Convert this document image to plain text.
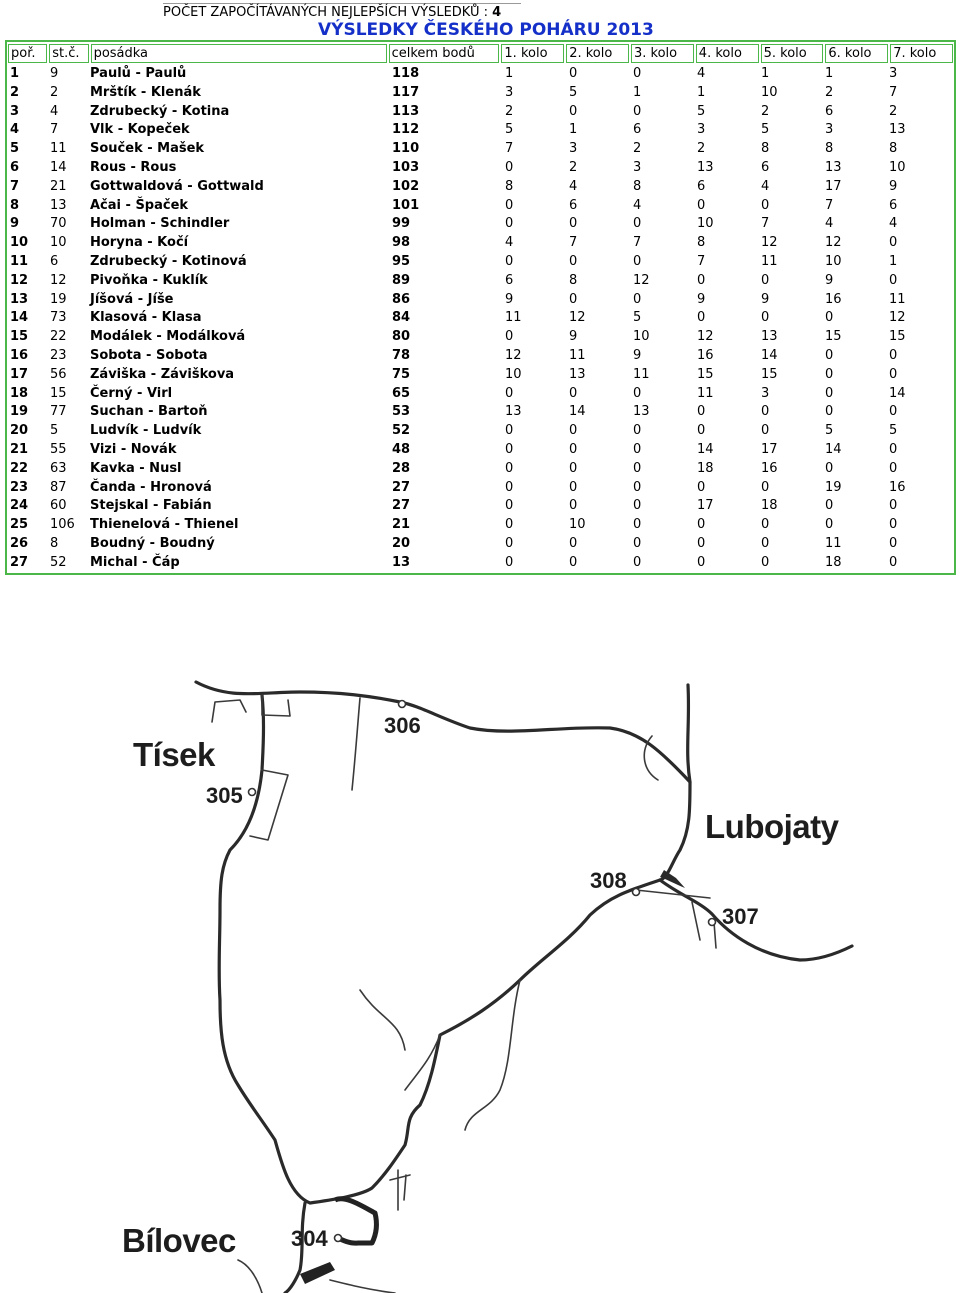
POČET ZAPOČÍTÁVANÝCH NEJLEPŠÍCH VÝSLEDKŮ : 4
VÝSLEDKY ČESKÉHO POHÁRU 2013
poř.	st.č.	posádka	celkem bodů	1. kolo	2. kolo	3. kolo	4. kolo	5. kolo	6. kolo	7. kolo
1	9	Paulů - Paulů	118	1	0	0	4	1	1	3
2	2	Mrštík - Klenák	117	3	5	1	1	10	2	7
3	4	Zdrubecký - Kotina	113	2	0	0	5	2	6	2
4	7	Vlk - Kopeček	112	5	1	6	3	5	3	13
5	11	Souček - Mašek	110	7	3	2	2	8	8	8
6	14	Rous - Rous	103	0	2	3	13	6	13	10
7	21	Gottwaldová - Gottwald	102	8	4	8	6	4	17	9
8	13	Ačai - Špaček	101	0	6	4	0	0	7	6
9	70	Holman - Schindler	99	0	0	0	10	7	4	4
10	10	Horyna - Kočí	98	4	7	7	8	12	12	0
11	6	Zdrubecký - Kotinová	95	0	0	0	7	11	10	1
12	12	Pivoňka - Kuklík	89	6	8	12	0	0	9	0
13	19	Jíšová - Jíše	86	9	0	0	9	9	16	11
14	73	Klasová - Klasa	84	11	12	5	0	0	0	12
15	22	Modálek - Modálková	80	0	9	10	12	13	15	15
16	23	Sobota - Sobota	78	12	11	9	16	14	0	0
17	56	Záviška - Záviškova	75	10	13	11	15	15	0	0
18	15	Černý - Virl	65	0	0	0	11	3	0	14
19	77	Suchan - Bartoň	53	13	14	13	0	0	0	0
20	5	Ludvík - Ludvík	52	0	0	0	0	0	5	5
21	55	Vizi - Novák	48	0	0	0	14	17	14	0
22	63	Kavka - Nusl	28	0	0	0	18	16	0	0
23	87	Čanda - Hronová	27	0	0	0	0	0	19	16
24	60	Stejskal - Fabián	27	0	0	0	17	18	0	0
25	106	Thienelová - Thienel	21	0	10	0	0	0	0	0
26	8	Boudný - Boudný	20	0	0	0	0	0	11	0
27	52	Michal - Čáp	13	0	0	0	0	0	18	0
Tísek
Lubojaty
Bílovec
306
305
308
307
304
